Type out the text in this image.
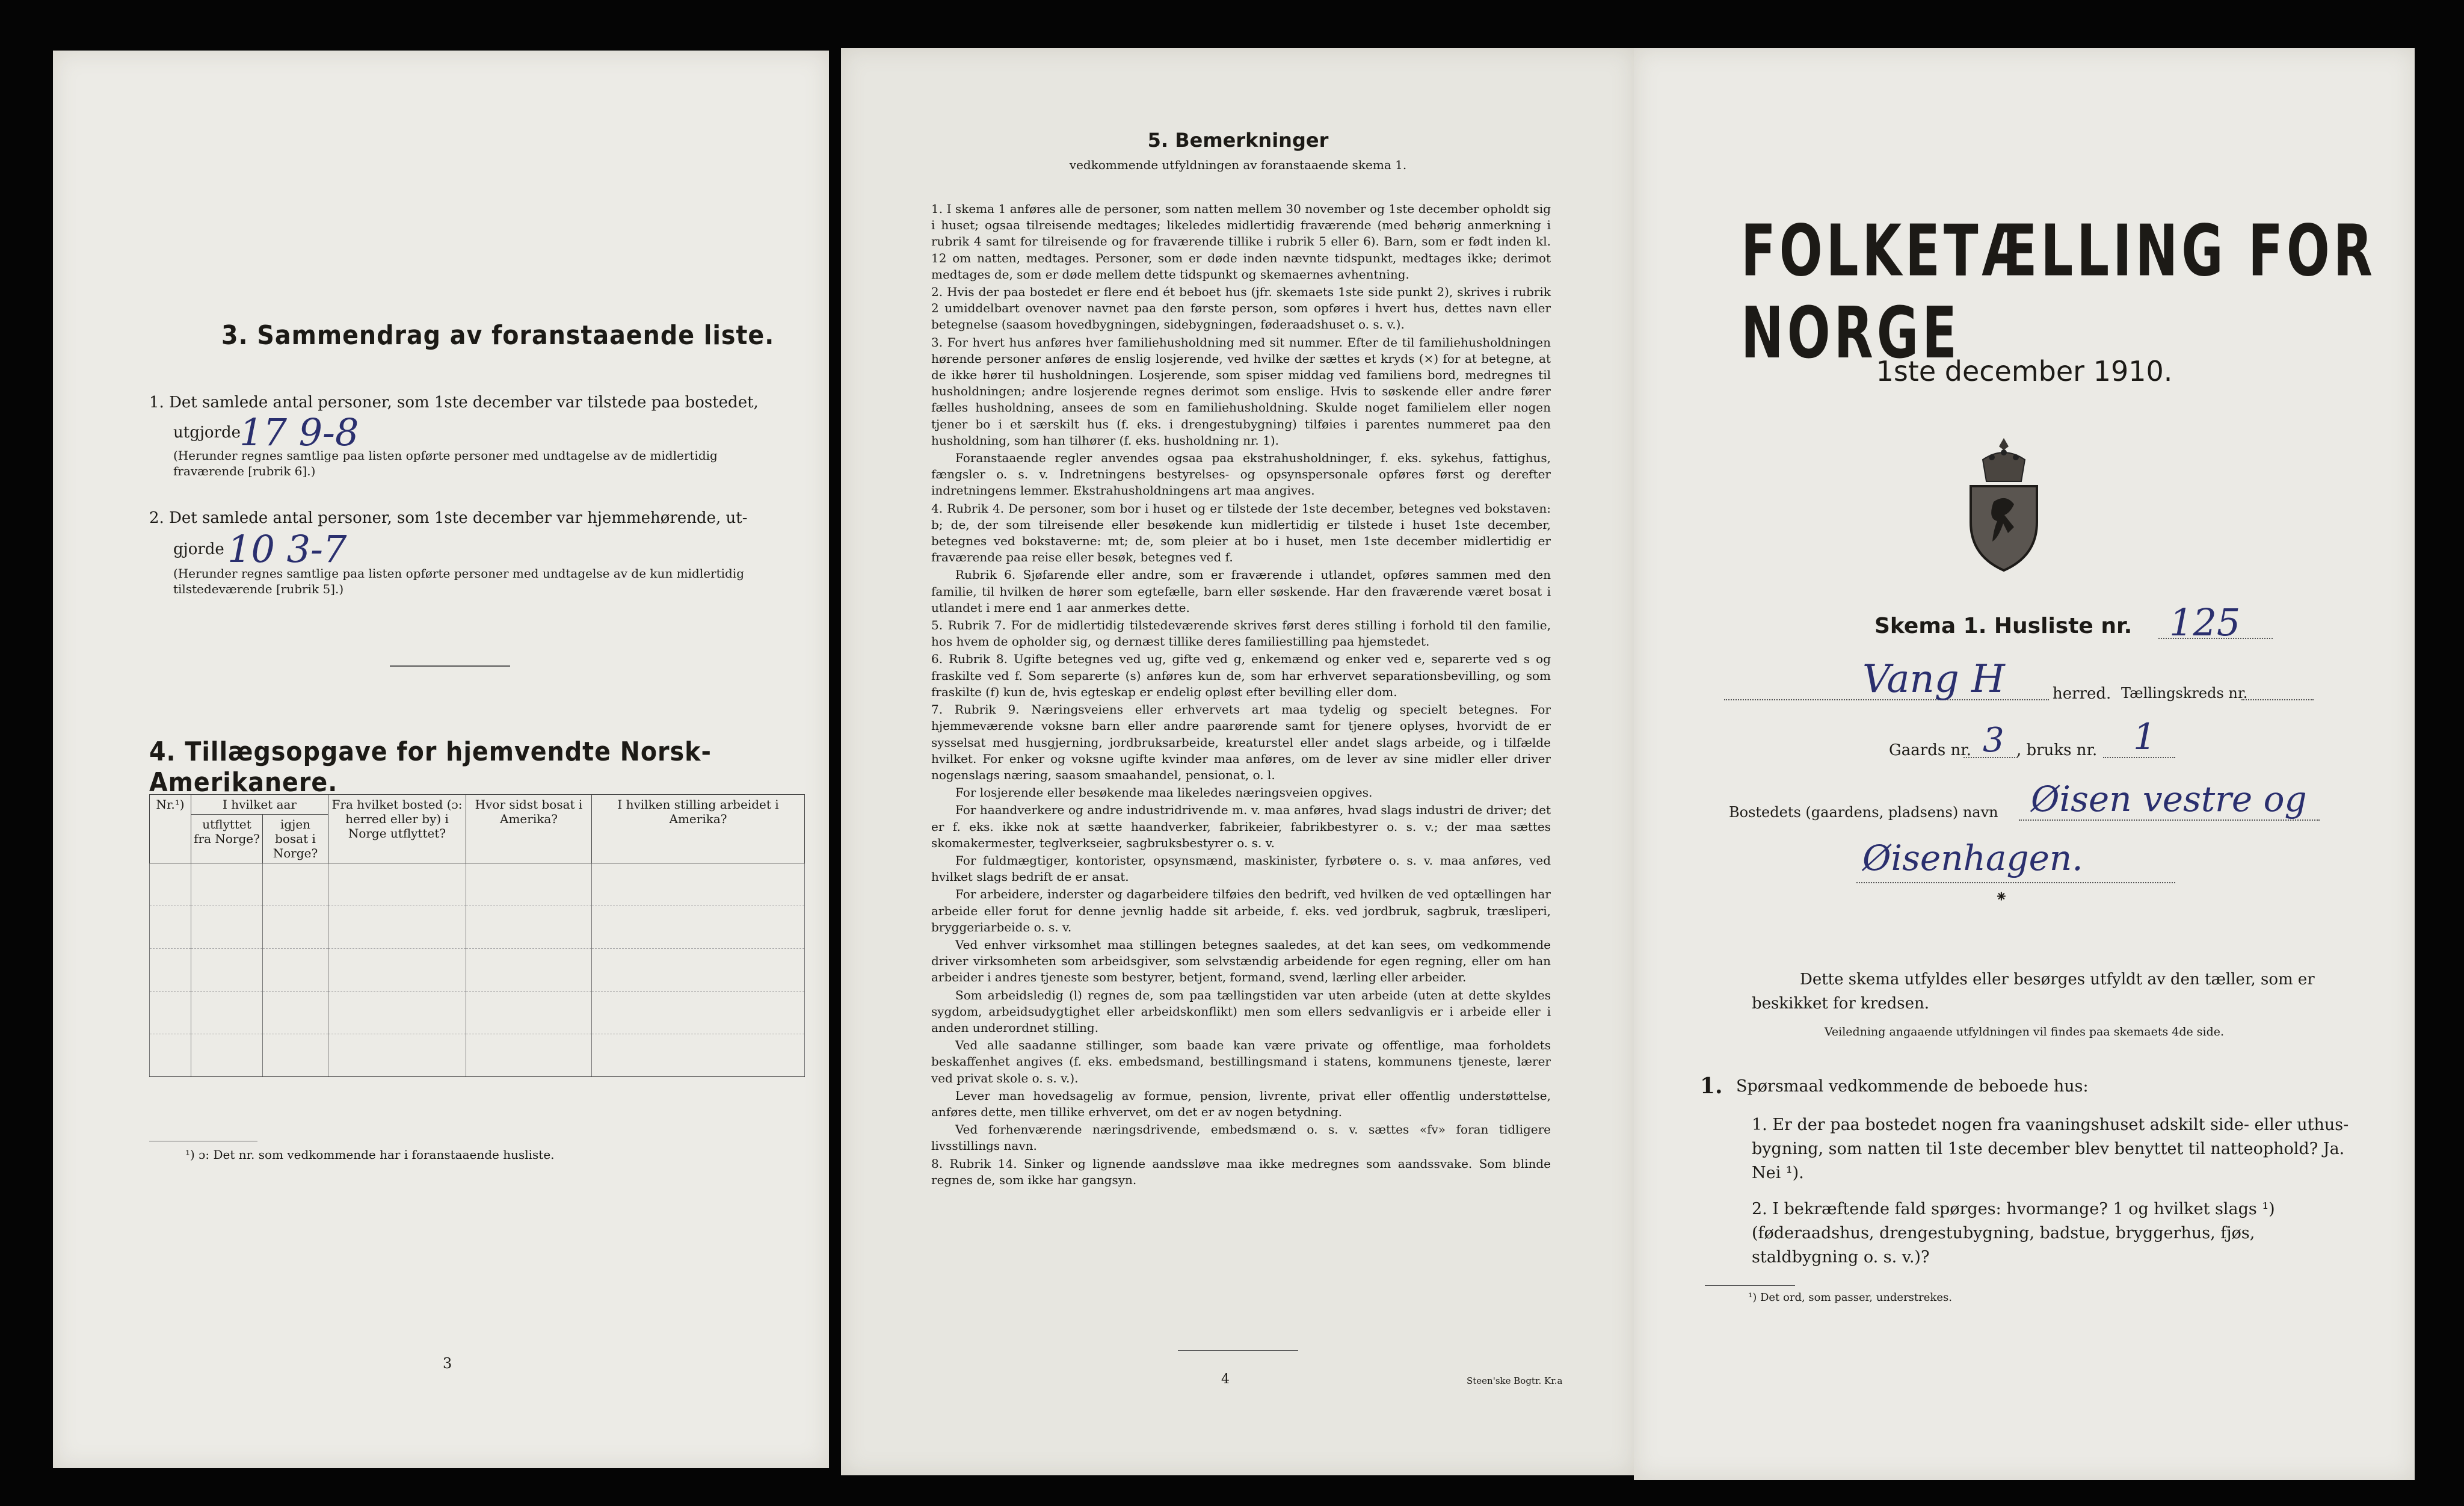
3. Sammendrag av foranstaaende liste.
1. Det samlede antal personer, som 1ste december var tilstede paa bostedet,
utgjorde
17 9-8
(Herunder regnes samtlige paa listen opførte personer med undtagelse av de midlertidig fraværende [rubrik 6].)
2. Det samlede antal personer, som 1ste december var hjemmehørende, ut-
gjorde 10 3-7
(Herunder regnes samtlige paa listen opførte personer med undtagelse av de kun midlertidig tilstedeværende [rubrik 5].)
4. Tillægsopgave for hjemvendte Norsk-Amerikanere.
Nr.¹)	I hvilket aar		Fra hvilket bosted (ɔ: herred eller by) i Norge utflyttet?	Hvor sidst bosat i Amerika?	I hvilken stilling arbeidet i Amerika?
	utflyttet fra Norge?	igjen bosat i Norge?			

¹) ɔ: Det nr. som vedkommende har i foranstaaende husliste.
3
5. Bemerkninger
vedkommende utfyldningen av foranstaaende skema 1.

1. I skema 1 anføres alle de personer, som natten mellem 30 november og 1ste december opholdt sig i huset; ogsaa tilreisende medtages; likeledes midlertidig fraværende (med behørig anmerkning i rubrik 4 samt for tilreisende og for fraværende tillike i rubrik 5 eller 6). Barn, som er født inden kl. 12 om natten, medtages. Personer, som er døde inden nævnte tidspunkt, medtages ikke; derimot medtages de, som er døde mellem dette tidspunkt og skemaernes avhentning.

2. Hvis der paa bostedet er flere end ét beboet hus (jfr. skemaets 1ste side punkt 2), skrives i rubrik 2 umiddelbart ovenover navnet paa den første person, som opføres i hvert hus, dettes navn eller betegnelse (saasom hovedbygningen, sidebygningen, føderaadshuset o. s. v.).

3. For hvert hus anføres hver familiehusholdning med sit nummer. Efter de til familiehusholdningen hørende personer anføres de enslig losjerende, ved hvilke der sættes et kryds (×) for at betegne, at de ikke hører til husholdningen. Losjerende, som spiser middag ved familiens bord, medregnes til husholdningen; andre losjerende regnes derimot som enslige. Hvis to søskende eller andre fører fælles husholdning, ansees de som en familiehusholdning. Skulde noget familielem eller nogen tjener bo i et særskilt hus (f. eks. i drengestubygning) tilføies i parentes nummeret paa den husholdning, som han tilhører (f. eks. husholdning nr. 1).

Foranstaaende regler anvendes ogsaa paa ekstrahusholdninger, f. eks. sykehus, fattighus, fængsler o. s. v. Indretningens bestyrelses- og opsynspersonale opføres først og derefter indretningens lemmer. Ekstrahusholdningens art maa angives.

4. Rubrik 4. De personer, som bor i huset og er tilstede der 1ste december, betegnes ved bokstaven: b; de, der som tilreisende eller besøkende kun midlertidig er tilstede i huset 1ste december, betegnes ved bokstaverne: mt; de, som pleier at bo i huset, men 1ste december midlertidig er fraværende paa reise eller besøk, betegnes ved f.

Rubrik 6. Sjøfarende eller andre, som er fraværende i utlandet, opføres sammen med den familie, til hvilken de hører som egtefælle, barn eller søskende. Har den fraværende været bosat i utlandet i mere end 1 aar anmerkes dette.

5. Rubrik 7. For de midlertidig tilstedeværende skrives først deres stilling i forhold til den familie, hos hvem de opholder sig, og dernæst tillike deres familiestilling paa hjemstedet.

6. Rubrik 8. Ugifte betegnes ved ug, gifte ved g, enkemænd og enker ved e, separerte ved s og fraskilte ved f. Som separerte (s) anføres kun de, som har erhvervet separationsbevilling, og som fraskilte (f) kun de, hvis egteskap er endelig opløst efter bevilling eller dom.

7. Rubrik 9. Næringsveiens eller erhvervets art maa tydelig og specielt betegnes. For hjemmeværende voksne barn eller andre paarørende samt for tjenere oplyses, hvorvidt de er sysselsat med husgjerning, jordbruksarbeide, kreaturstel eller andet slags arbeide, og i tilfælde hvilket. For enker og voksne ugifte kvinder maa anføres, om de lever av sine midler eller driver nogenslags næring, saasom smaahandel, pensionat, o. l.

For losjerende eller besøkende maa likeledes næringsveien opgives.

For haandverkere og andre industridrivende m. v. maa anføres, hvad slags industri de driver; det er f. eks. ikke nok at sætte haandverker, fabrikeier, fabrikbestyrer o. s. v.; der maa sættes skomakermester, teglverkseier, sagbruksbestyrer o. s. v.

For fuldmægtiger, kontorister, opsynsmænd, maskinister, fyrbøtere o. s. v. maa anføres, ved hvilket slags bedrift de er ansat.

For arbeidere, inderster og dagarbeidere tilføies den bedrift, ved hvilken de ved optællingen har arbeide eller forut for denne jevnlig hadde sit arbeide, f. eks. ved jordbruk, sagbruk, træsliperi, bryggeriarbeide o. s. v.

Ved enhver virksomhet maa stillingen betegnes saaledes, at det kan sees, om vedkommende driver virksomheten som arbeidsgiver, som selvstændig arbeidende for egen regning, eller om han arbeider i andres tjeneste som bestyrer, betjent, formand, svend, lærling eller arbeider.

Som arbeidsledig (l) regnes de, som paa tællingstiden var uten arbeide (uten at dette skyldes sygdom, arbeidsudygtighet eller arbeidskonflikt) men som ellers sedvanligvis er i arbeide eller i anden underordnet stilling.

Ved alle saadanne stillinger, som baade kan være private og offentlige, maa forholdets beskaffenhet angives (f. eks. embedsmand, bestillingsmand i statens, kommunens tjeneste, lærer ved privat skole o. s. v.).

Lever man hovedsagelig av formue, pension, livrente, privat eller offentlig understøttelse, anføres dette, men tillike erhvervet, om det er av nogen betydning.

Ved forhenværende næringsdrivende, embedsmænd o. s. v. sættes «fv» foran tidligere livsstillings navn.

8. Rubrik 14. Sinker og lignende aandssløve maa ikke medregnes som aandssvake. Som blinde regnes de, som ikke har gangsyn.

4	Steen'ske Bogtr. Kr.a
FOLKETÆLLING FOR NORGE
1ste december 1910.
Skema 1. Husliste nr. 125
Vang H	herred. Tællingskreds nr.
Gaards nr. 3 , bruks nr. 1
Bostedets (gaardens, pladsens) navn Øisen vestre og
Øisenhagen.
⁕
Dette skema utfyldes eller besørges utfyldt av den tæller, som er beskikket for kredsen.
Veiledning angaaende utfyldningen vil findes paa skemaets 4de side.
1. Spørsmaal vedkommende de beboede hus:
1. Er der paa bostedet nogen fra vaaningshuset adskilt side- eller uthus-bygning, som natten til 1ste december blev benyttet til natteophold? Ja. Nei ¹).
2. I bekræftende fald spørges: hvormange? 1 og hvilket slags ¹) (føderaadshus, drengestubygning, badstue, bryggerhus, fjøs, staldbygning o. s. v.)?
¹) Det ord, som passer, understrekes.
